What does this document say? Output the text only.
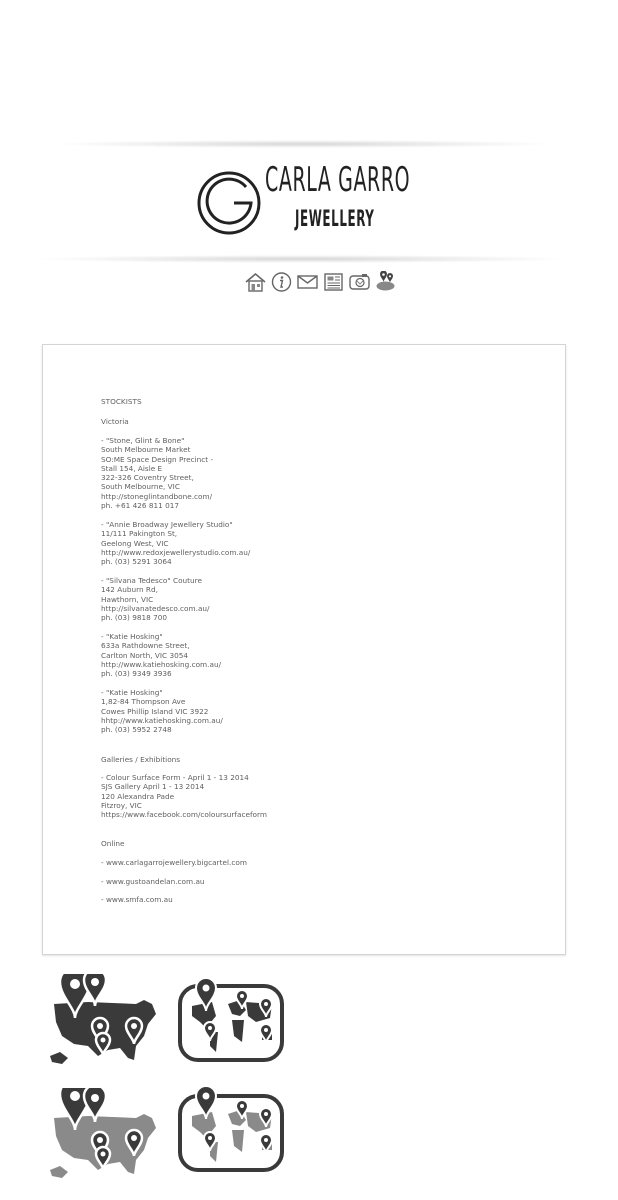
CARLA GARRO
JEWELLERY

STOCKISTS

Victoria

- "Stone, Glint & Bone"
South Melbourne Market
SO:ME Space Design Precinct -
Stall 154, Aisle E
322-326 Coventry Street,
South Melbourne, VIC
http://stoneglintandbone.com/
ph. +61 426 811 017
- "Annie Broadway Jewellery Studio"
11/111 Pakington St,
Geelong West, VIC
http://www.redoxjewellerystudio.com.au/
ph. (03) 5291 3064
- "Silvana Tedesco" Couture
142 Auburn Rd,
Hawthorn, VIC
http://silvanatedesco.com.au/
ph. (03) 9818 700
- "Katie Hosking"
633a Rathdowne Street,
Carlton North, VIC 3054
http://www.katiehosking.com.au/
ph. (03) 9349 3936
- "Katie Hosking"
1,82-84 Thompson Ave
Cowes Phillip Island VIC 3922
hhtp://www.katiehosking.com.au/
ph. (03) 5952 2748

Galleries / Exhibitions

- Colour Surface Form - April 1 - 13 2014
SJS Gallery April 1 - 13 2014
120 Alexandra Pade
Fitzroy, VIC
https://www.facebook.com/coloursurfaceform

Online

- www.carlagarrojewellery.bigcartel.com

- www.gustoandelan.com.au

- www.smfa.com.au
